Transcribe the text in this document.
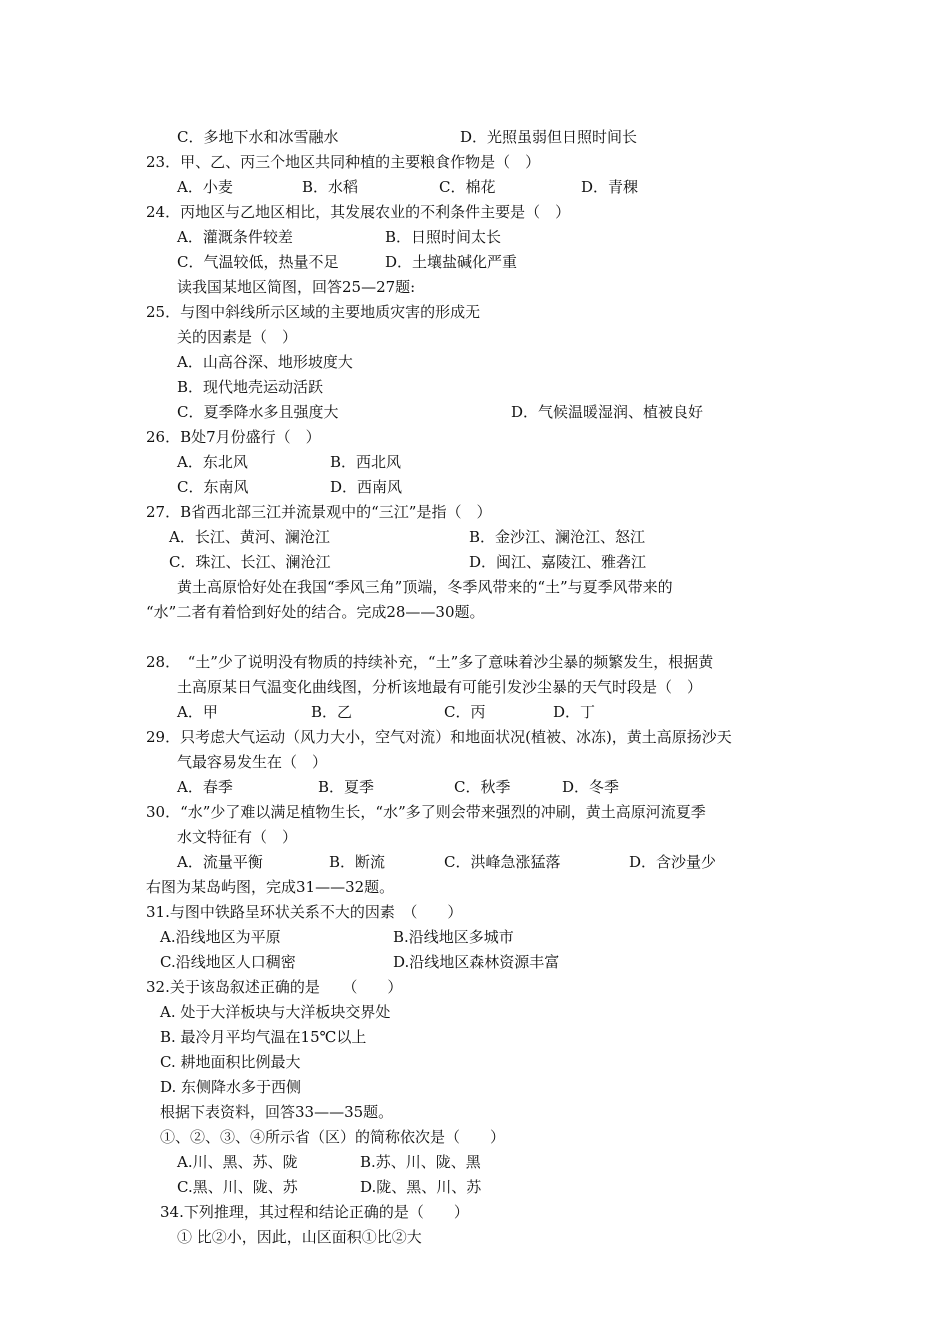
C．多地下水和冰雪融水	D．光照虽弱但日照时间长
23．甲、乙、丙三个地区共同种植的主要粮食作物是（　）
A．小麦	B．水稻	C．棉花	D．青稞
24．丙地区与乙地区相比，其发展农业的不利条件主要是（　）
A．灌溉条件较差	B．日照时间太长
C．气温较低，热量不足	D．土壤盐碱化严重
读我国某地区简图，回答25—27题:
25．与图中斜线所示区域的主要地质灾害的形成无
关的因素是（　）
A．山高谷深、地形坡度大
B．现代地壳运动活跃
C．夏季降水多且强度大	D．气候温暖湿润、植被良好
26．B处7月份盛行（　）
A．东北风	B．西北风
C．东南风	D．西南风
27．B省西北部三江并流景观中的“三江”是指（　）
A．长江、黄河、澜沧江	B．金沙江、澜沧江、怒江
C．珠江、长江、澜沧江	D．闽江、嘉陵江、雅砻江
黄土高原恰好处在我国“季风三角”顶端，冬季风带来的“土”与夏季风带来的
“水”二者有着恰到好处的结合。完成28——30题。
28．　“土”少了说明没有物质的持续补充，“土”多了意味着沙尘暴的频繁发生，根据黄
土高原某日气温变化曲线图，分析该地最有可能引发沙尘暴的天气时段是（　）
A．甲	B．乙	C．丙	D．丁
29．只考虑大气运动（风力大小，空气对流）和地面状况(植被、冰冻)，黄土高原扬沙天
气最容易发生在（　）
A．春季	B．夏季	C．秋季	D．冬季
30．“水”少了难以满足植物生长，“水”多了则会带来强烈的冲刷，黄土高原河流夏季
水文特征有（　）
A．流量平衡	B．断流	C．洪峰急涨猛落	D．含沙量少
右图为某岛屿图，完成31——32题。
31.与图中铁路呈环状关系不大的因素　（　　）
A.沿线地区为平原	B.沿线地区多城市
C.沿线地区人口稠密	D.沿线地区森林资源丰富
32.关于该岛叙述正确的是　　（　　）
A. 处于大洋板块与大洋板块交界处
B. 最冷月平均气温在15℃以上
C. 耕地面积比例最大
D. 东侧降水多于西侧
根据下表资料，回答33——35题。
①、②、③、④所示省（区）的简称依次是（　　）
A.川、黑、苏、陇	B.苏、川、陇、黑
C.黑、川、陇、苏	D.陇、黑、川、苏
34.下列推理，其过程和结论正确的是（　　）
① 比②小，因此，山区面积①比②大
